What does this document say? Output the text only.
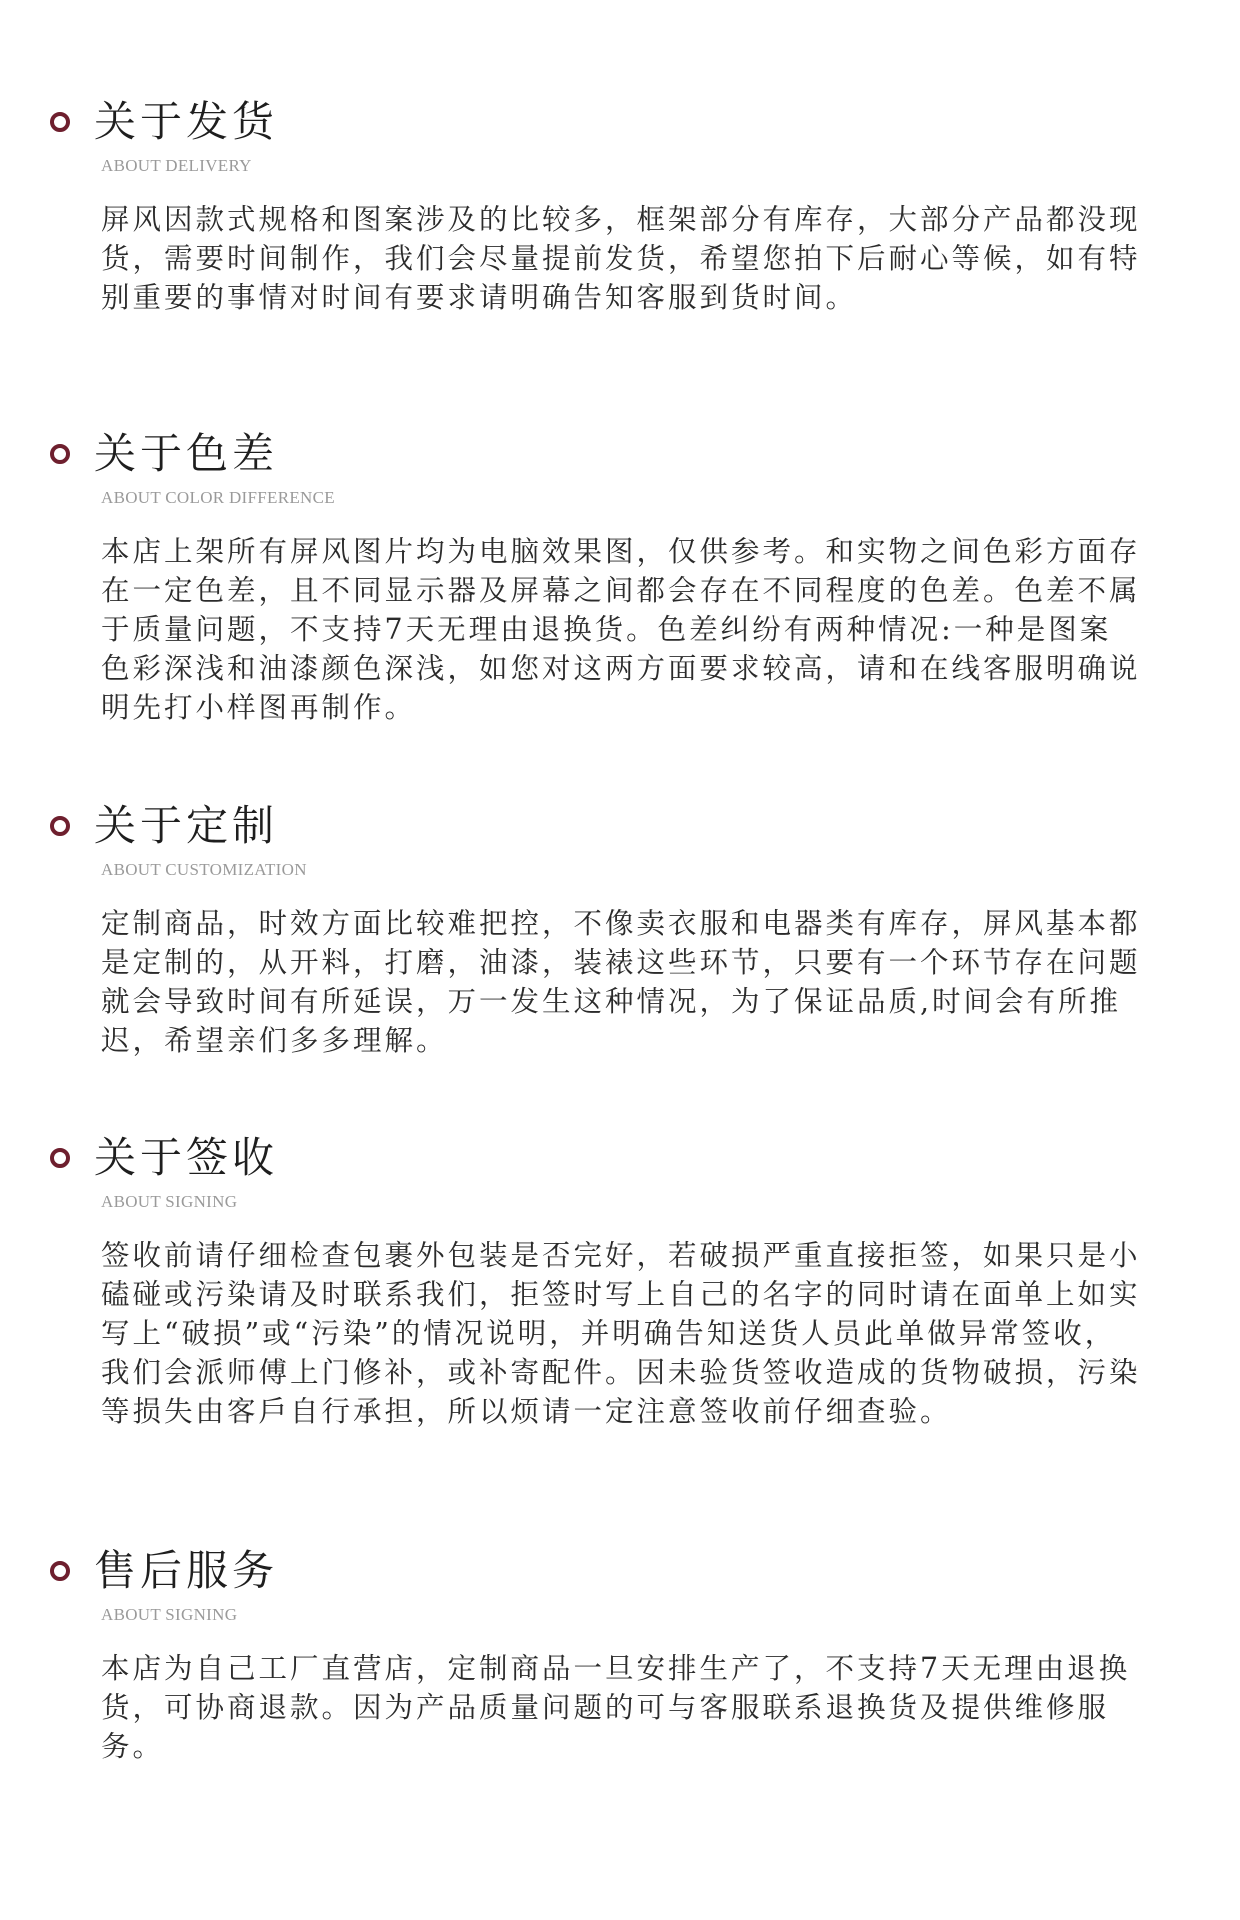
关于发货
ABOUT DELIVERY
屏风因款式规格和图案涉及的比较多，框架部分有库存，大部分产品都没现货，需要时间制作，我们会尽量提前发货，希望您拍下后耐心等候，如有特别重要的事情对时间有要求请明确告知客服到货时间。
关于色差
ABOUT COLOR DIFFERENCE
本店上架所有屏风图片均为电脑效果图，仅供参考。和实物之间色彩方面存在一定色差，且不同显示器及屏幕之间都会存在不同程度的色差。色差不属于质量问题，不支持7天无理由退换货。色差纠纷有两种情况:一种是图案色彩深浅和油漆颜色深浅，如您对这两方面要求较高，请和在线客服明确说明先打小样图再制作。
关于定制
ABOUT CUSTOMIZATION
定制商品，时效方面比较难把控，不像卖衣服和电器类有库存，屏风基本都是定制的，从开料，打磨，油漆，装裱这些环节，只要有一个环节存在问题就会导致时间有所延误，万一发生这种情况，为了保证品质,时间会有所推迟，希望亲们多多理解。
关于签收
ABOUT SIGNING
签收前请仔细检查包裹外包装是否完好，若破损严重直接拒签，如果只是小磕碰或污染请及时联系我们，拒签时写上自己的名字的同时请在面单上如实写上“破损”或“污染”的情况说明，并明确告知送货人员此单做异常签收，我们会派师傅上门修补，或补寄配件。因未验货签收造成的货物破损，污染等损失由客戶自行承担，所以烦请一定注意签收前仔细查验。
售后服务
ABOUT SIGNING
本店为自己工厂直营店，定制商品一旦安排生产了，不支持7天无理由退换货，可协商退款。因为产品质量问题的可与客服联系退换货及提供维修服务。
